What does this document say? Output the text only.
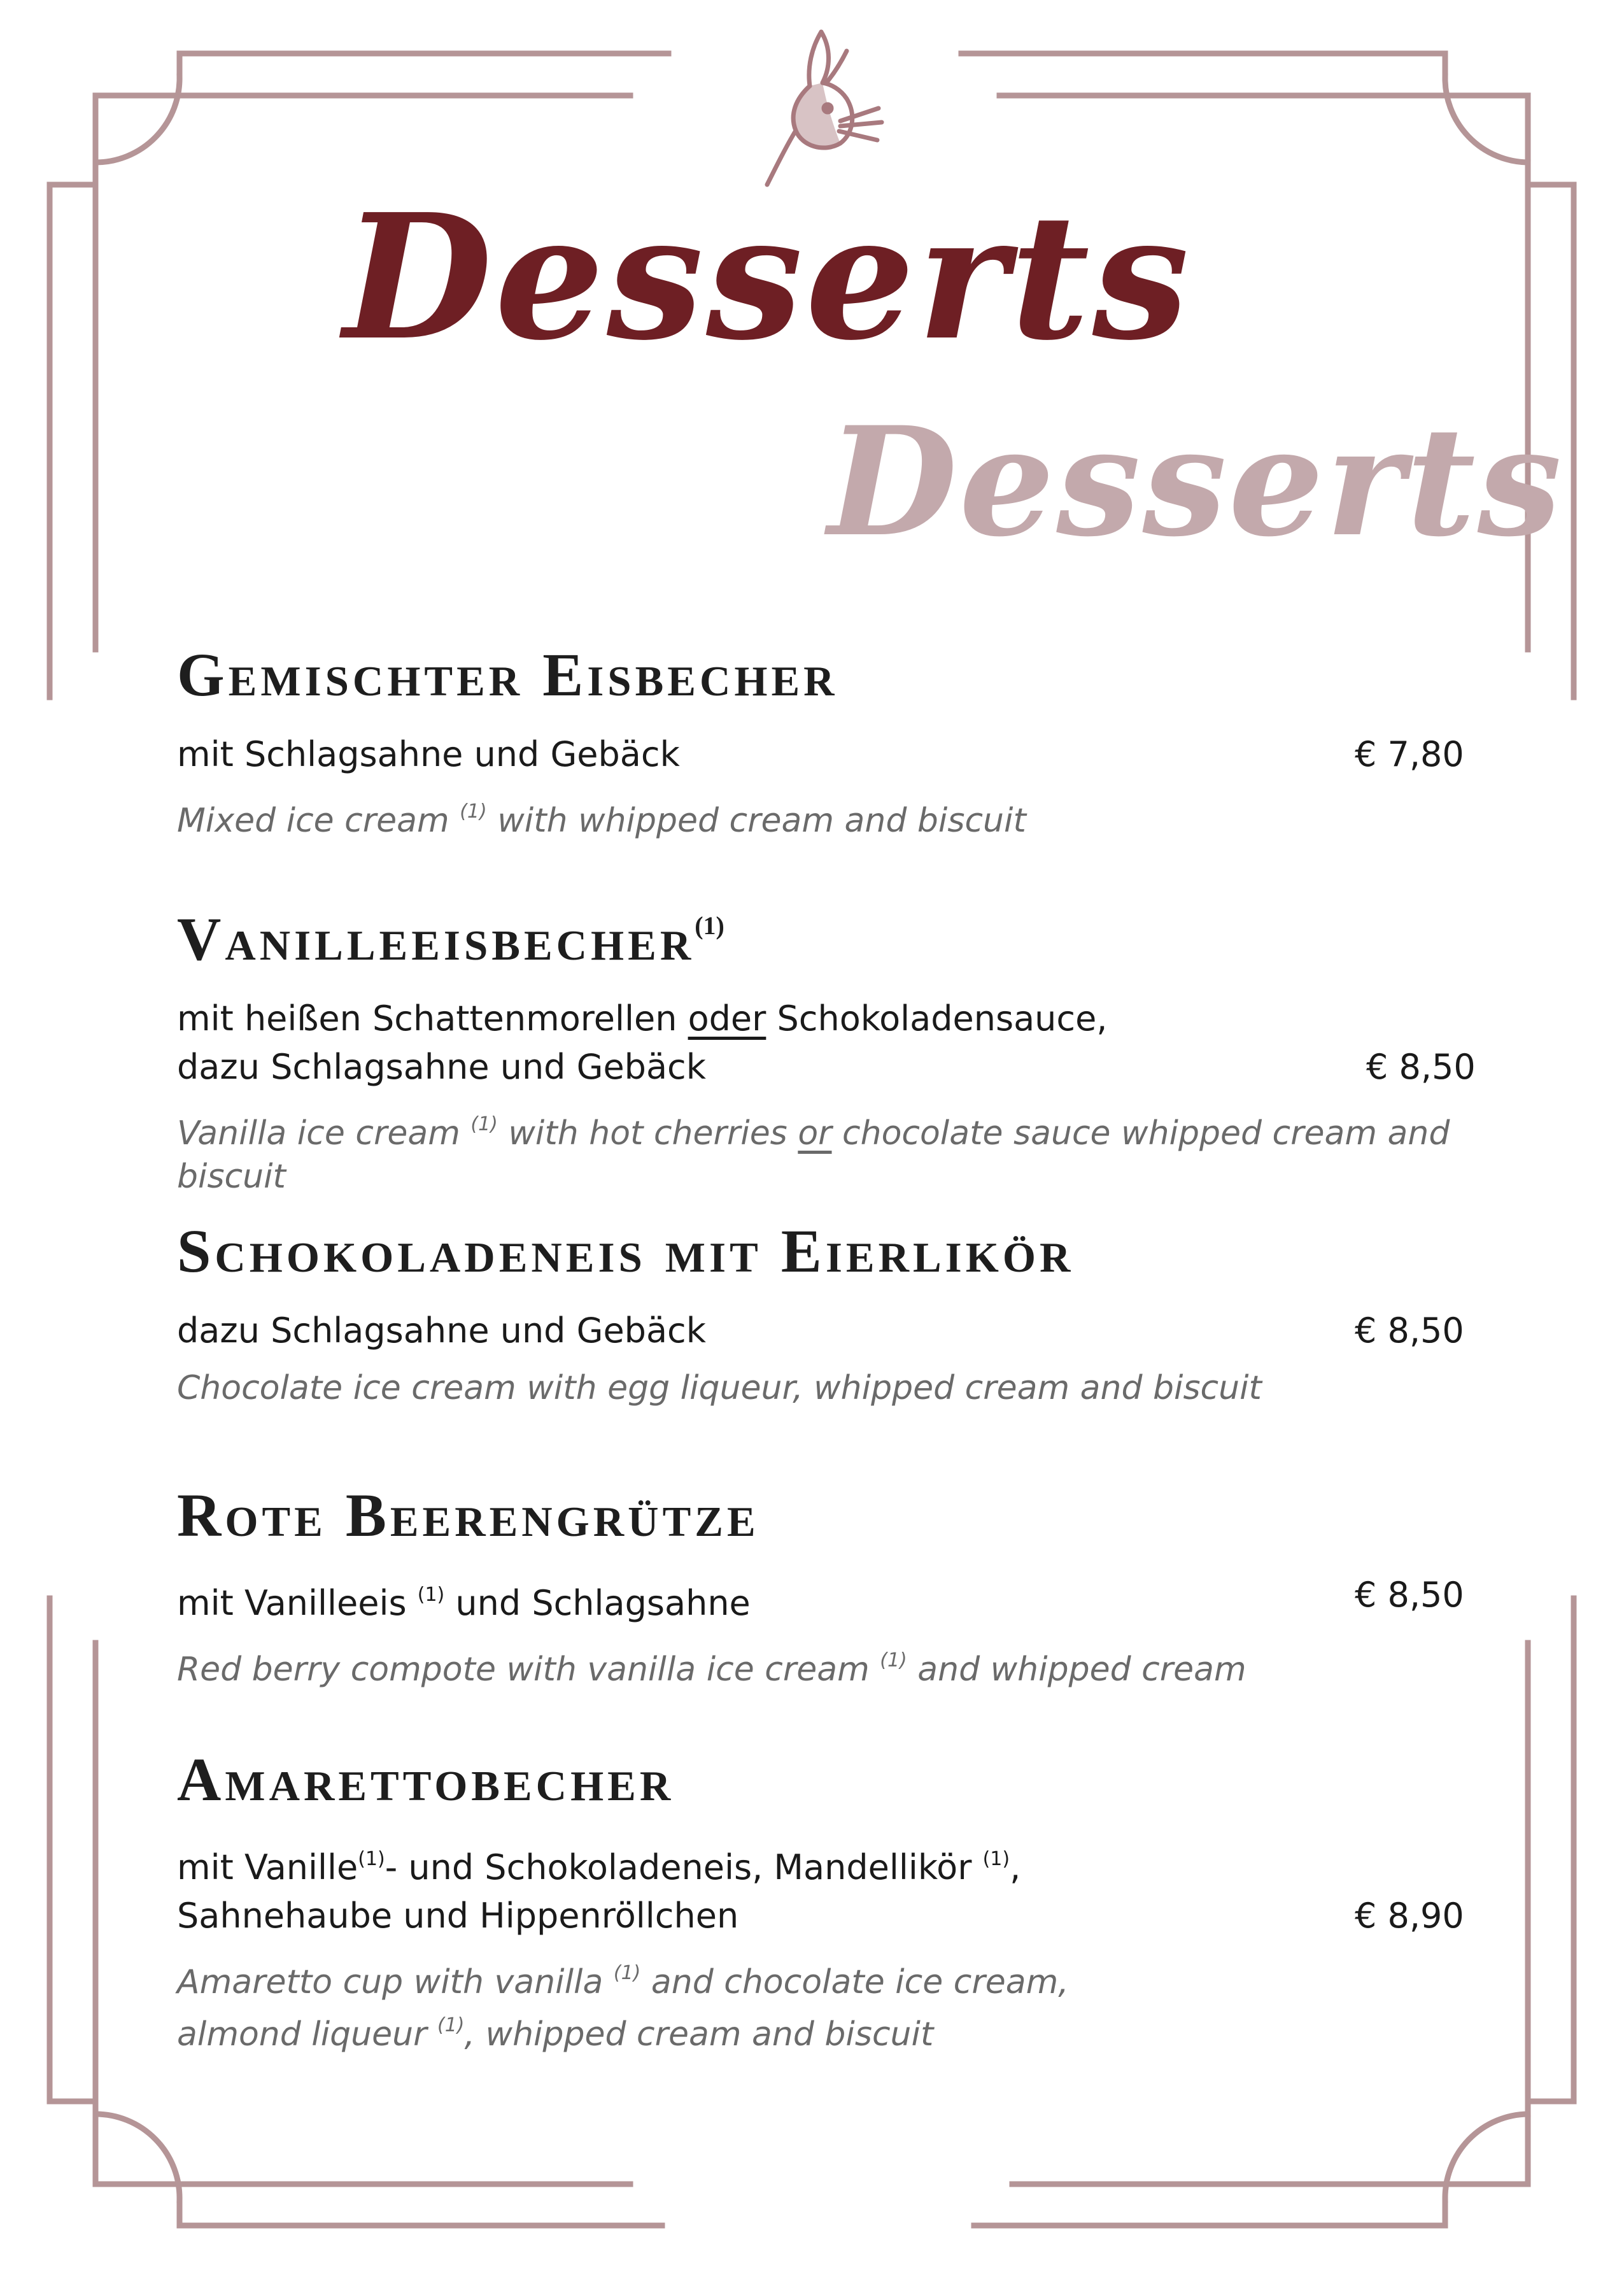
Desserts
Desserts
Gemischter Eisbecher
mit Schlagsahne und Gebäck	€ 7,80
Mixed ice cream $^{(1)}$ with whipped cream and biscuit
Vanilleeisbecher$^{(1)}$
mit heißen Schattenmorellen oder Schokoladensauce,
dazu Schlagsahne und Gebäck	€ 8,50
Vanilla ice cream $^{(1)}$ with hot cherries or chocolate sauce whipped cream and biscuit
Schokoladeneis mit Eierlikör
dazu Schlagsahne und Gebäck	€ 8,50
Chocolate ice cream with egg liqueur, whipped cream and biscuit
Rote Beerengrütze
mit Vanilleeis $^{(1)}$ und Schlagsahne	€ 8,50
Red berry compote with vanilla ice cream $^{(1)}$ and whipped cream
Amarettobecher
mit Vanille$^{(1)}$- und Schokoladeneis, Mandellikör $^{(1)}$,
Sahnehaube und Hippenröllchen	€ 8,90
Amaretto cup with vanilla $^{(1)}$ and chocolate ice cream,
almond liqueur $^{(1)}$, whipped cream and biscuit
